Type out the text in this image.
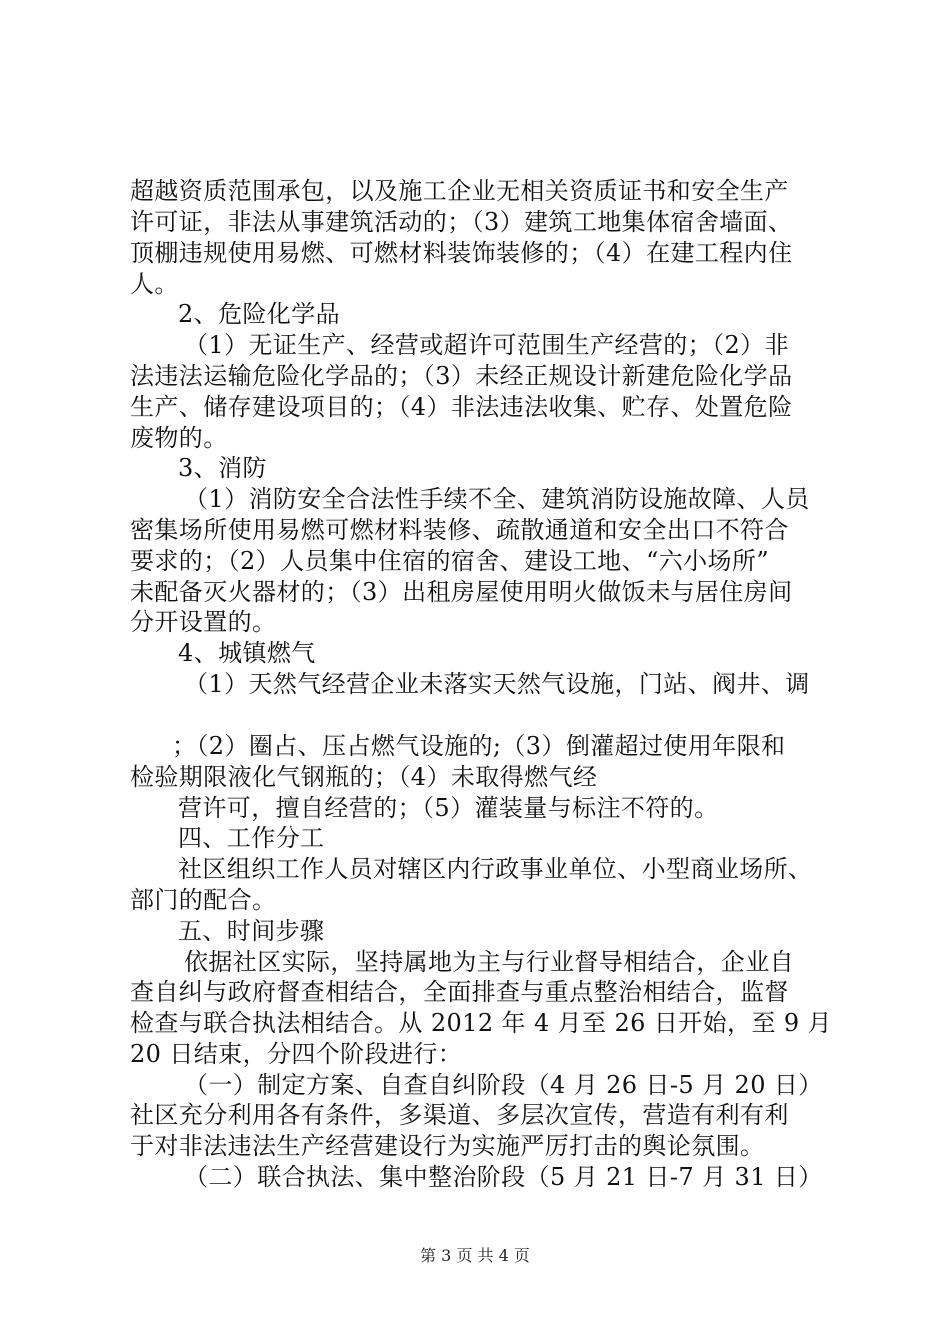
超越资质范围承包，以及施工企业无相关资质证书和安全生产
许可证，非法从事建筑活动的；（3）建筑工地集体宿舍墙面、
顶棚违规使用易燃、可燃材料装饰装修的；（4）在建工程内住
人。
2、危险化学品
（1）无证生产、经营或超许可范围生产经营的；（2）非
法违法运输危险化学品的；（3）未经正规设计新建危险化学品
生产、储存建设项目的；（4）非法违法收集、贮存、处置危险
废物的。
3、消防
（1）消防安全合法性手续不全、建筑消防设施故障、人员
密集场所使用易燃可燃材料装修、疏散通道和安全出口不符合
要求的；（2）人员集中住宿的宿舍、建设工地、“六小场所”
未配备灭火器材的；（3）出租房屋使用明火做饭未与居住房间
分开设置的。
4、城镇燃气
（1）天然气经营企业未落实天然气设施，门站、阀井、调
；（2）圈占、压占燃气设施的;（3）倒灌超过使用年限和
检验期限液化气钢瓶的；（4）未取得燃气经
营许可，擅自经营的；（5）灌装量与标注不符的。
四、工作分工
社区组织工作人员对辖区内行政事业单位、小型商业场所、
部门的配合。
五、时间步骤
依据社区实际，坚持属地为主与行业督导相结合，企业自
查自纠与政府督查相结合，全面排查与重点整治相结合，监督
检查与联合执法相结合。从 2012 年 4 月至 26 日开始，至 9 月
20 日结束，分四个阶段进行：
（一）制定方案、自查自纠阶段（4 月 26 日-5 月 20 日）
社区充分利用各有条件，多渠道、多层次宣传，营造有利有利
于对非法违法生产经营建设行为实施严厉打击的舆论氛围。
（二）联合执法、集中整治阶段（5 月 21 日-7 月 31 日）
第 3 页 共 4 页
